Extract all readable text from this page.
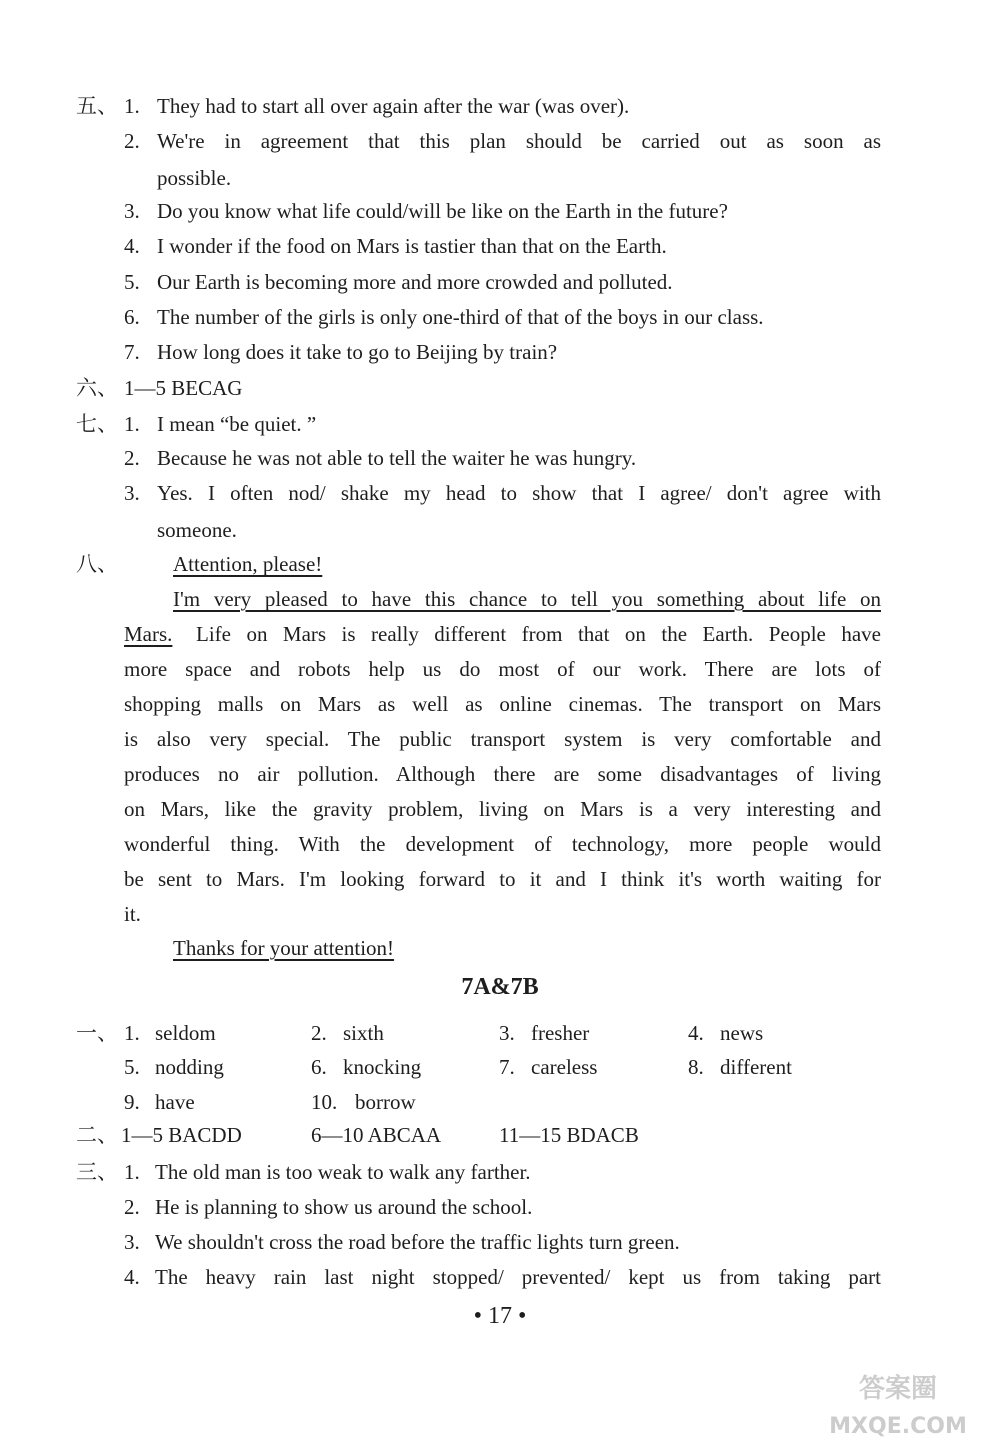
五、 1. They had to start all over again after the war (was over).
2. We're in agreement that this plan should be carried out as soon as
possible.
3. Do you know what life could/will be like on the Earth in the future?
4. I wonder if the food on Mars is tastier than that on the Earth.
5. Our Earth is becoming more and more crowded and polluted.
6. The number of the girls is only one-third of that of the boys in our class.
7. How long does it take to go to Beijing by train?
六、 1—5 BECAG
七、 1. I mean “be quiet. ”
2. Because he was not able to tell the waiter he was hungry.
3. Yes. I often nod/ shake my head to show that I agree/ don't agree with
someone.
八、	Attention, please!
I'm very pleased to have this chance to tell you something about life on
Mars. Life on Mars is really different from that on the Earth. People have
more space and robots help us do most of our work. There are lots of
shopping malls on Mars as well as online cinemas. The transport on Mars
is also very special. The public transport system is very comfortable and
produces no air pollution. Although there are some disadvantages of living
on Mars, like the gravity problem, living on Mars is a very interesting and
wonderful thing. With the development of technology, more people would
be sent to Mars. I'm looking forward to it and I think it's worth waiting for
it.
Thanks for your attention!
7A&7B
一、 1. seldom	2. sixth	3. fresher	4. news
5. nodding	6. knocking	7. careless	8. different
9. have	10. borrow
二、 1—5 BACDD	6—10 ABCAA	11—15 BDACB
三、 1. The old man is too weak to walk any farther.
2. He is planning to show us around the school.
3. We shouldn't cross the road before the traffic lights turn green.
4. The heavy rain last night stopped/ prevented/ kept us from taking part
• 17 •
答案圈
MXQE.COM
